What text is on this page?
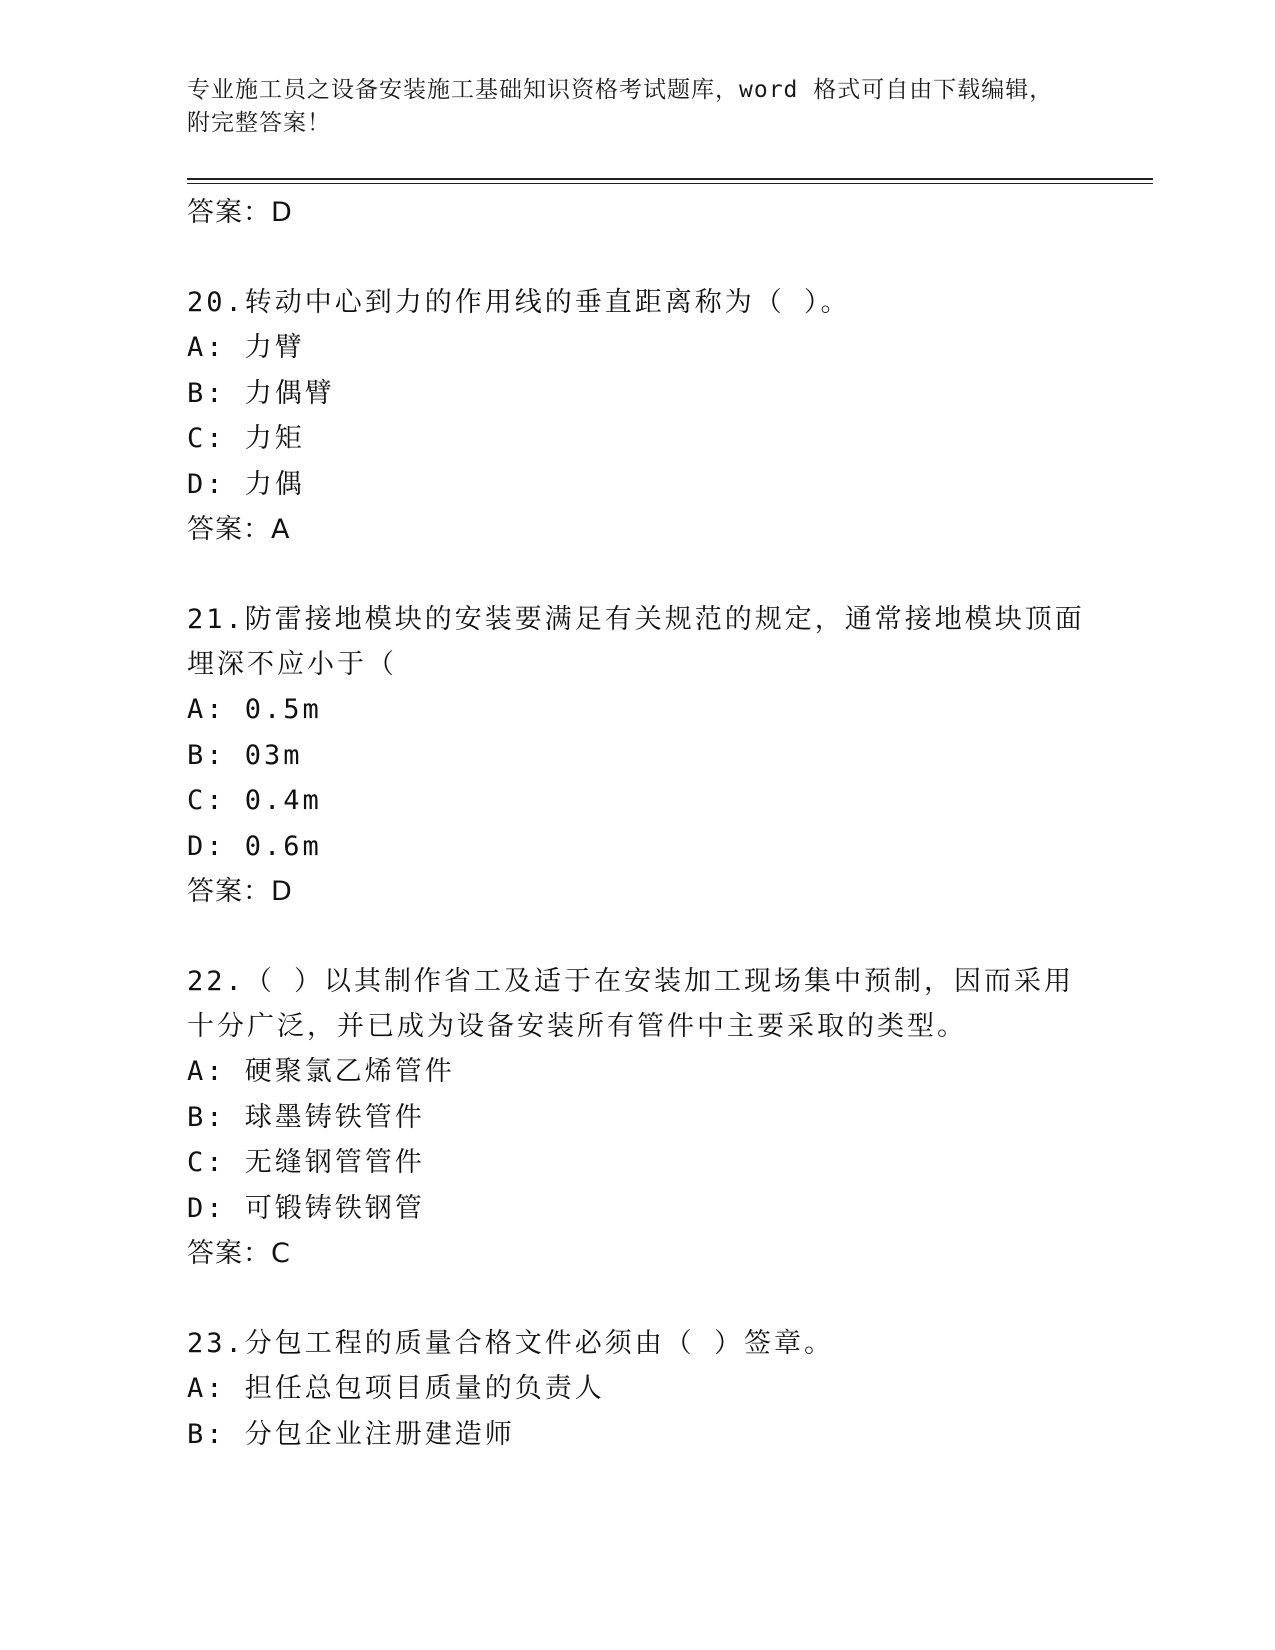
专业施工员之设备安装施工基础知识资格考试题库，word 格式可自由下载编辑，
附完整答案！

答案：D

20.转动中心到力的作用线的垂直距离称为（ ）。

A: 力臂

B: 力偶臂

C: 力矩

D: 力偶

答案：A

21.防雷接地模块的安装要满足有关规范的规定，通常接地模块顶面埋深不应小于（

A: 0.5m

B: 03m

C: 0.4m

D: 0.6m

答案：D

22.（ ）以其制作省工及适于在安装加工现场集中预制，因而采用十分广泛，并已成为设备安装所有管件中主要采取的类型。

A: 硬聚氯乙烯管件

B: 球墨铸铁管件

C: 无缝钢管管件

D: 可锻铸铁钢管

答案：C

23.分包工程的质量合格文件必须由（ ）签章。

A: 担任总包项目质量的负责人

B: 分包企业注册建造师
